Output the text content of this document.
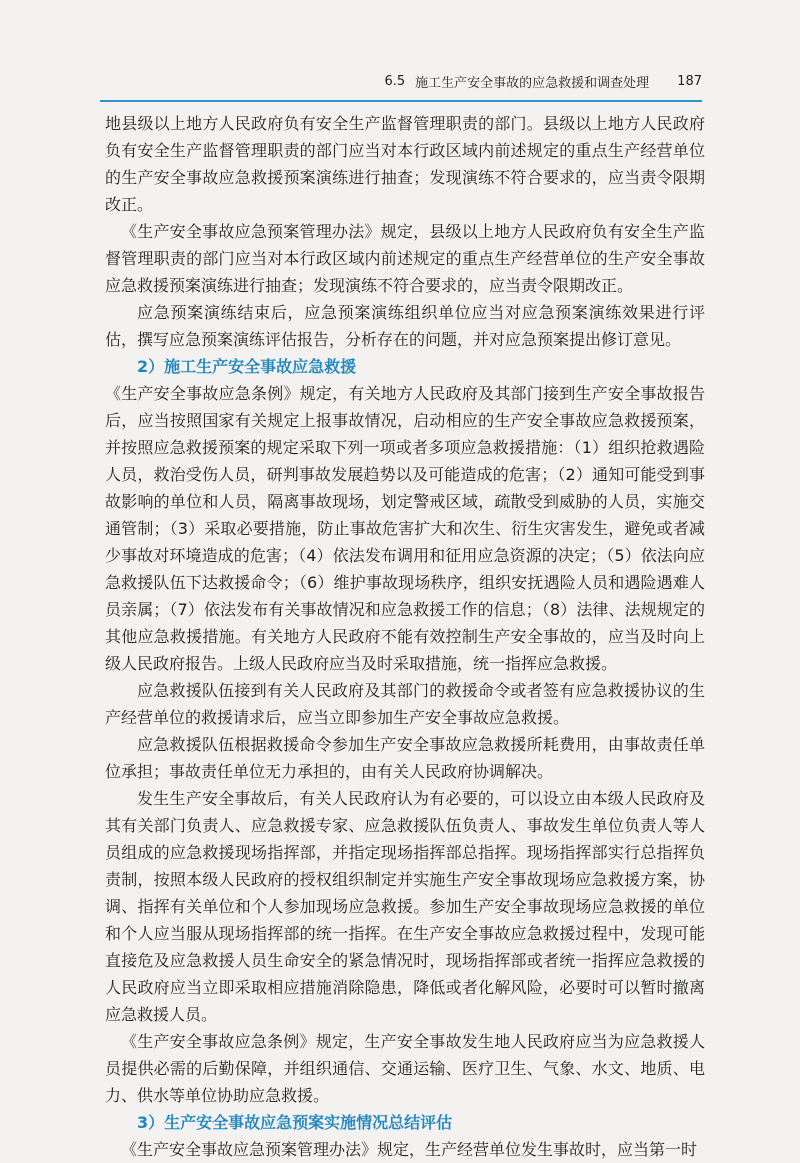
6.5 施工生产安全事故的应急救援和调查处理 187

地县级以上地方人民政府负有安全生产监督管理职责的部门。县级以上地方人民政府负有安全生产监督管理职责的部门应当对本行政区域内前述规定的重点生产经营单位的生产安全事故应急救援预案演练进行抽查；发现演练不符合要求的，应当责令限期改正。

《生产安全事故应急预案管理办法》规定，县级以上地方人民政府负有安全生产监督管理职责的部门应当对本行政区域内前述规定的重点生产经营单位的生产安全事故应急救援预案演练进行抽查；发现演练不符合要求的，应当责令限期改正。

应急预案演练结束后，应急预案演练组织单位应当对应急预案演练效果进行评估，撰写应急预案演练评估报告，分析存在的问题，并对应急预案提出修订意见。

2）施工生产安全事故应急救援

《生产安全事故应急条例》规定，有关地方人民政府及其部门接到生产安全事故报告后，应当按照国家有关规定上报事故情况，启动相应的生产安全事故应急救援预案，并按照应急救援预案的规定采取下列一项或者多项应急救援措施：（1）组织抢救遇险人员，救治受伤人员，研判事故发展趋势以及可能造成的危害；（2）通知可能受到事故影响的单位和人员，隔离事故现场，划定警戒区域，疏散受到威胁的人员，实施交通管制；（3）采取必要措施，防止事故危害扩大和次生、衍生灾害发生，避免或者减少事故对环境造成的危害；（4）依法发布调用和征用应急资源的决定；（5）依法向应急救援队伍下达救援命令；（6）维护事故现场秩序，组织安抚遇险人员和遇险遇难人员亲属；（7）依法发布有关事故情况和应急救援工作的信息；（8）法律、法规规定的其他应急救援措施。有关地方人民政府不能有效控制生产安全事故的，应当及时向上级人民政府报告。上级人民政府应当及时采取措施，统一指挥应急救援。

应急救援队伍接到有关人民政府及其部门的救援命令或者签有应急救援协议的生产经营单位的救援请求后，应当立即参加生产安全事故应急救援。

应急救援队伍根据救援命令参加生产安全事故应急救援所耗费用，由事故责任单位承担；事故责任单位无力承担的，由有关人民政府协调解决。

发生生产安全事故后，有关人民政府认为有必要的，可以设立由本级人民政府及其有关部门负责人、应急救援专家、应急救援队伍负责人、事故发生单位负责人等人员组成的应急救援现场指挥部，并指定现场指挥部总指挥。现场指挥部实行总指挥负责制，按照本级人民政府的授权组织制定并实施生产安全事故现场应急救援方案，协调、指挥有关单位和个人参加现场应急救援。参加生产安全事故现场应急救援的单位和个人应当服从现场指挥部的统一指挥。在生产安全事故应急救援过程中，发现可能直接危及应急救援人员生命安全的紧急情况时，现场指挥部或者统一指挥应急救援的人民政府应当立即采取相应措施消除隐患，降低或者化解风险，必要时可以暂时撤离应急救援人员。

《生产安全事故应急条例》规定，生产安全事故发生地人民政府应当为应急救援人员提供必需的后勤保障，并组织通信、交通运输、医疗卫生、气象、水文、地质、电力、供水等单位协助应急救援。

3）生产安全事故应急预案实施情况总结评估

《生产安全事故应急预案管理办法》规定，生产经营单位发生事故时，应当第一时
